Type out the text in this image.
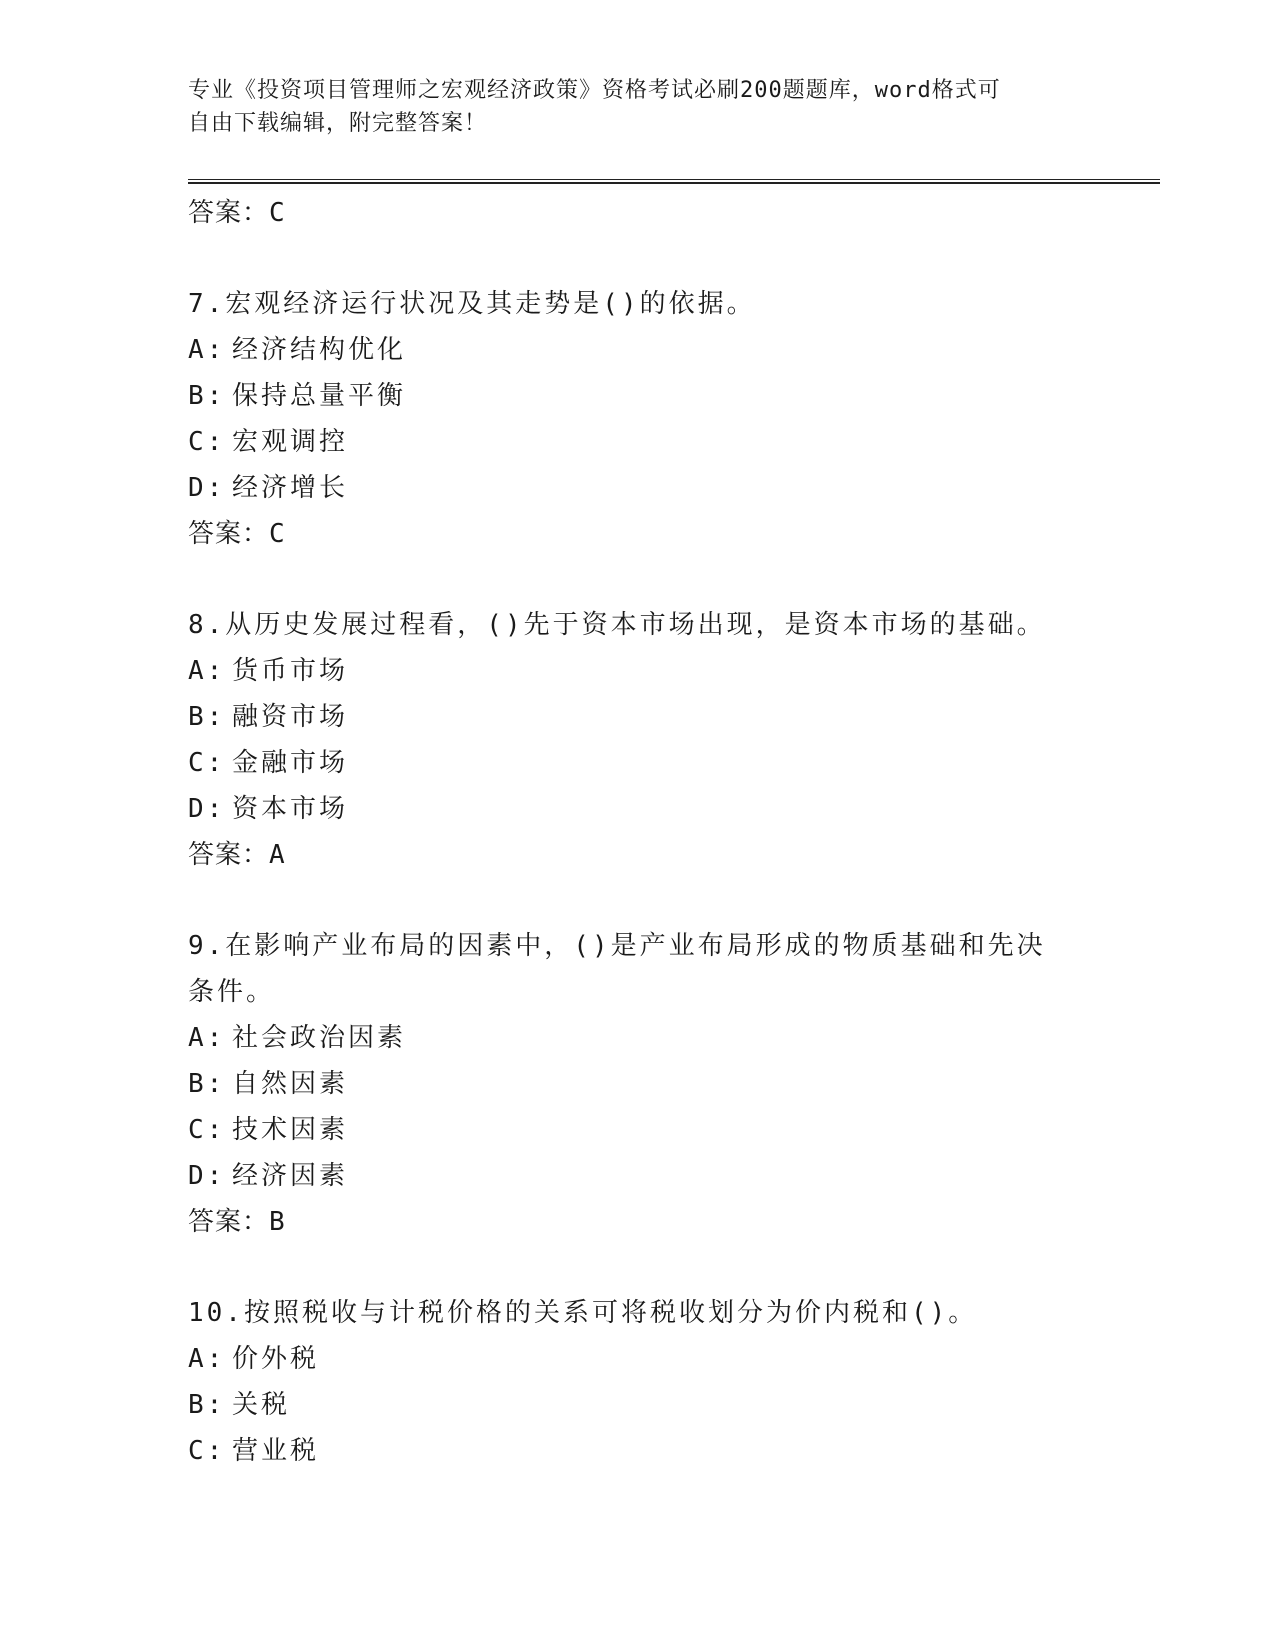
专业《投资项目管理师之宏观经济政策》资格考试必刷200题题库，word格式可
自由下载编辑，附完整答案！
答案：C
7.宏观经济运行状况及其走势是()的依据。
A: 经济结构优化
B: 保持总量平衡
C: 宏观调控
D: 经济增长
答案：C
8.从历史发展过程看，()先于资本市场出现，是资本市场的基础。
A: 货币市场
B: 融资市场
C: 金融市场
D: 资本市场
答案：A
9.在影响产业布局的因素中，()是产业布局形成的物质基础和先决条件。
A: 社会政治因素
B: 自然因素
C: 技术因素
D: 经济因素
答案：B
10.按照税收与计税价格的关系可将税收划分为价内税和()。
A: 价外税
B: 关税
C: 营业税
